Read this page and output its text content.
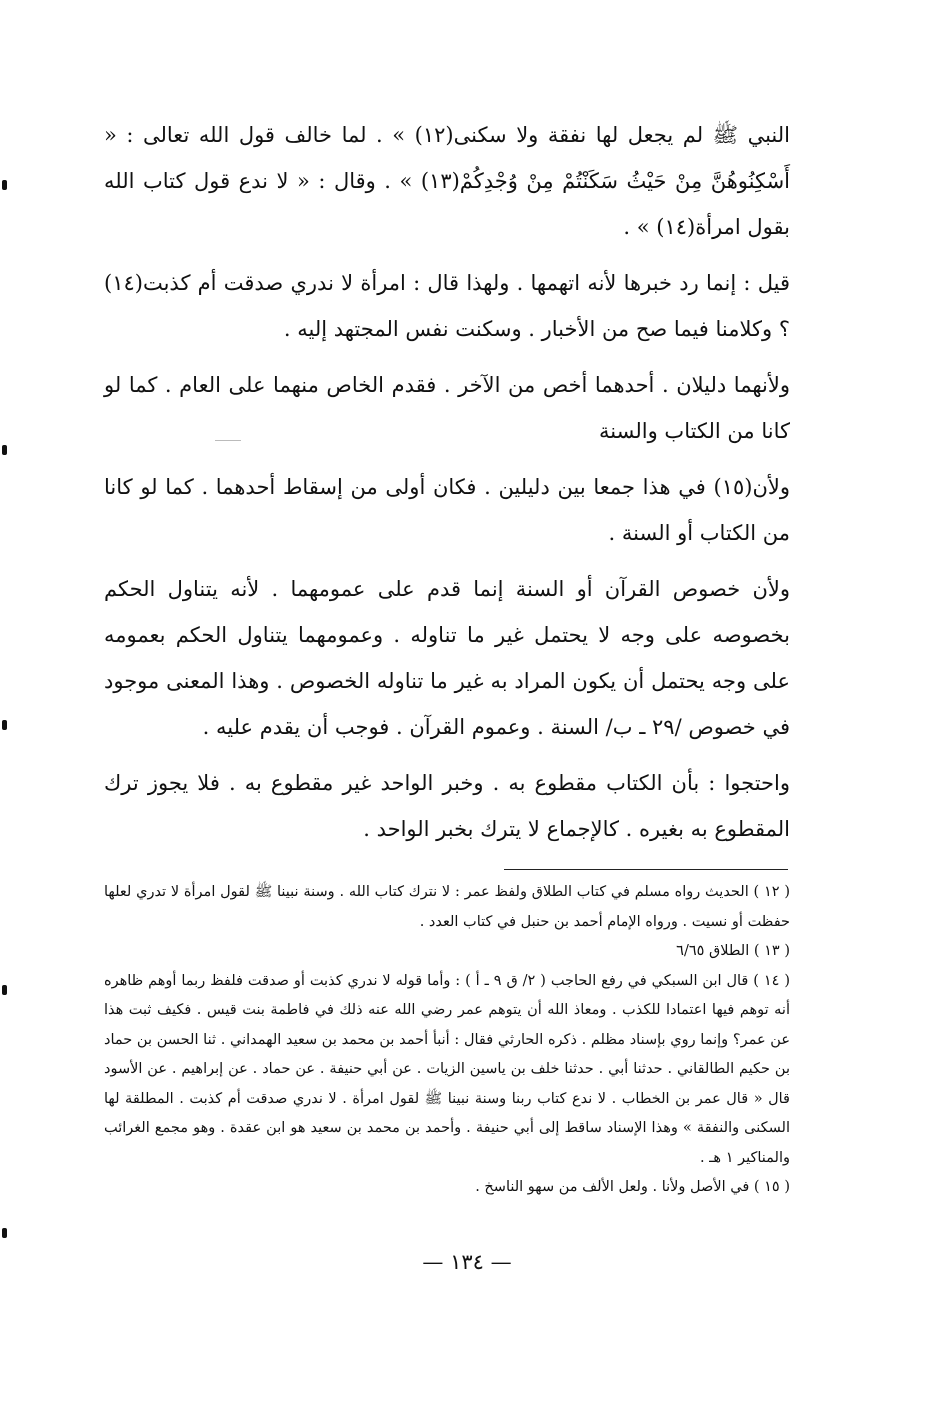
النبي ﷺ لم يجعل لها نفقة ولا سكنى(١٢) » . لما خالف قول الله تعالى : « أَسْكِنُوهُنَّ مِنْ حَيْثُ سَكَنْتُمْ مِنْ وُجْدِكُمْ(١٣) » . وقال : « لا ندع قول كتاب الله بقول امرأة(١٤) » .

قيل : إنما رد خبرها لأنه اتهمها . ولهذا قال : امرأة لا ندري صدقت أم كذبت(١٤) ؟ وكلامنا فيما صح من الأخبار . وسكنت نفس المجتهد إليه .

ولأنهما دليلان . أحدهما أخص من الآخر . فقدم الخاص منهما على العام . كما لو كانا من الكتاب والسنة

ولأن(١٥) في هذا جمعا بين دليلين . فكان أولى من إسقاط أحدهما . كما لو كانا من الكتاب أو السنة .

ولأن خصوص القرآن أو السنة إنما قدم على عمومهما . لأنه يتناول الحكم بخصوصه على وجه لا يحتمل غير ما تناوله . وعمومهما يتناول الحكم بعمومه على وجه يحتمل أن يكون المراد به غير ما تناوله الخصوص . وهذا المعنى موجود في خصوص /٢٩ ـ ب/ السنة . وعموم القرآن . فوجب أن يقدم عليه .

واحتجوا : بأن الكتاب مقطوع به . وخبر الواحد غير مقطوع به . فلا يجوز ترك المقطوع به بغيره . كالإجماع لا يترك بخبر الواحد .

( ١٢ ) الحديث رواه مسلم في كتاب الطلاق ولفظ عمر : لا نترك كتاب الله . وسنة نبينا ﷺ لقول امرأة لا تدري لعلها حفظت أو نسيت . ورواه الإمام أحمد بن حنبل في كتاب العدد .

( ١٣ ) الطلاق ٦/٦٥

( ١٤ ) قال ابن السبكي في رفع الحاجب ( ٢/ ق ٩ ـ أ ) : وأما قوله لا ندري كذبت أو صدقت فلفظ ربما أوهم ظاهره أنه توهم فيها اعتمادا للكذب . ومعاذ الله أن يتوهم عمر رضي الله عنه ذلك في فاطمة بنت قيس . فكيف ثبت هذا عن عمر؟ وإنما روي بإسناد مظلم . ذكره الحارثي فقال : أنبأ أحمد بن محمد بن سعيد الهمداني . ثنا الحسن بن حماد بن حكيم الطالقاني . حدثنا أبي . حدثنا خلف بن ياسين الزيات . عن أبي حنيفة . عن حماد . عن إبراهيم . عن الأسود قال « قال عمر بن الخطاب . لا ندع كتاب ربنا وسنة نبينا ﷺ لقول امرأة . لا ندري صدقت أم كذبت . المطلقة لها السكنى والنفقة » وهذا الإسناد ساقط إلى أبي حنيفة . وأحمد بن محمد بن سعيد هو ابن عقدة . وهو مجمع الغرائب والمناكير ١ هـ .

( ١٥ ) في الأصل ولأنا . ولعل الألف من سهو الناسخ .

— ١٣٤ —
